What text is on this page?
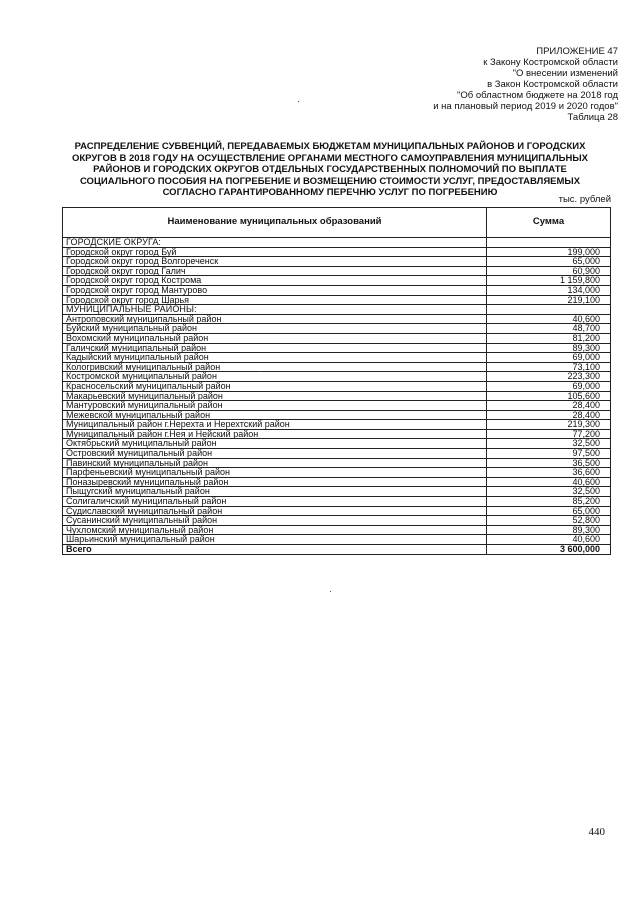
ПРИЛОЖЕНИЕ 47
к Закону Костромской области
"О внесении изменений
в Закон Костромской области
"Об областном бюджете на 2018 год
и на плановый период 2019 и 2020 годов"
Таблица 28
РАСПРЕДЕЛЕНИЕ СУБВЕНЦИЙ, ПЕРЕДАВАЕМЫХ БЮДЖЕТАМ МУНИЦИПАЛЬНЫХ РАЙОНОВ И ГОРОДСКИХ
ОКРУГОВ В 2018 ГОДУ НА ОСУЩЕСТВЛЕНИЕ ОРГАНАМИ МЕСТНОГО САМОУПРАВЛЕНИЯ МУНИЦИПАЛЬНЫХ
РАЙОНОВ И ГОРОДСКИХ ОКРУГОВ ОТДЕЛЬНЫХ ГОСУДАРСТВЕННЫХ ПОЛНОМОЧИЙ ПО ВЫПЛАТЕ
СОЦИАЛЬНОГО ПОСОБИЯ НА ПОГРЕБЕНИЕ И ВОЗМЕЩЕНИЮ СТОИМОСТИ УСЛУГ, ПРЕДОСТАВЛЯЕМЫХ
СОГЛАСНО ГАРАНТИРОВАННОМУ ПЕРЕЧНЮ УСЛУГ ПО ПОГРЕБЕНИЮ
тыс. рублей
Наименование муниципальных образований	Сумма
ГОРОДСКИЕ ОКРУГА:	
Городской округ город Буй	199,000
Городской округ город Волгореченск	65,000
Городской округ город Галич	60,900
Городской округ город Кострома	1 159,800
Городской округ город Мантурово	134,000
Городской округ город Шарья	219,100
МУНИЦИПАЛЬНЫЕ РАЙОНЫ:	
Антроповский муниципальный район	40,600
Буйский муниципальный район	48,700
Вохомский муниципальный район	81,200
Галичский муниципальный район	89,300
Кадыйский муниципальный район	69,000
Кологривский муниципальный район	73,100
Костромской муниципальный район	223,300
Красносельский муниципальный район	69,000
Макарьевский муниципальный район	105,600
Мантуровский муниципальный район	28,400
Межевской муниципальный район	28,400
Муниципальный район г.Нерехта и Нерехтский район	219,300
Муниципальный район г.Нея и Нейский район	77,200
Октябрьский муниципальный район	32,500
Островский муниципальный район	97,500
Павинский муниципальный район	36,500
Парфеньевский муниципальный район	36,600
Поназыревский муниципальный район	40,600
Пыщугский муниципальный район	32,500
Солигаличский муниципальный район	85,200
Судиславский муниципальный район	65,000
Сусанинский муниципальный район	52,800
Чухломский муниципальный район	89,300
Шарьинский муниципальный район	40,600
Всего	3 600,000
440
